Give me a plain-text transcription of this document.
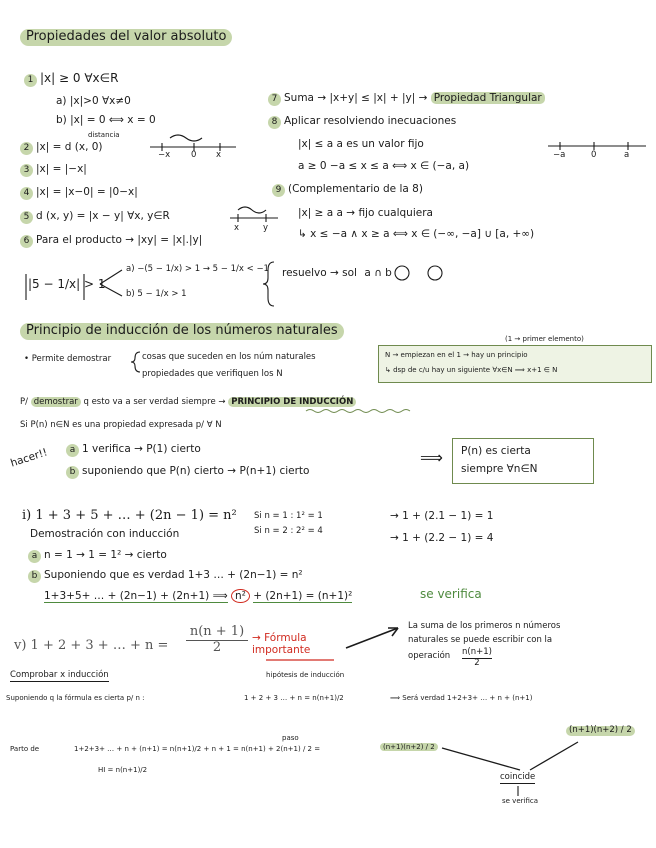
Propiedades del valor absoluto
1 |x| ≥ 0 ∀x∈R
a) |x|>0 ∀x≠0
b) |x| = 0 ⟺ x = 0
distancia
2 |x| = d (x, 0)
3 |x| = |−x|
4 |x| = |x−0| = |0−x|
5 d (x, y) = |x − y| ∀x, y∈R
6 Para el producto → |xy| = |x|.|y|
−x 0 x
x	y
7 Suma → |x+y| ≤ |x| + |y| → Propiedad Triangular
8 Aplicar resolviendo inecuaciones
|x| ≤ a a es un valor fijo
a ≥ 0 −a ≤ x ≤ a ⟺ x ∈ (−a, a)
−a	0	a
9 (Complementario de la 8)
|x| ≥ a a → fijo cualquiera
↳ x ≤ −a ∧ x ≥ a ⟺ x ∈ (−∞, −a] ∪ [a, +∞)
|5 − 1/x| > 1
a) −(5 − 1/x) > 1 → 5 − 1/x < −1
b) 5 − 1/x > 1
resuelvo → sol a ∩ b
Principio de inducción de los números naturales
• Permite demostrar	cosas que suceden en los núm naturales
propiedades que verifiquen los N
(1 → primer elemento)
N → empiezan en el 1 → hay un principio
↳ dsp de c/u hay un siguiente ∀x∈N ⟹ x+1 ∈ N
P/ demostrar q esto va a ser verdad siempre → PRINCIPIO DE INDUCCIÓN
Si P(n) n∈N es una propiedad expresada p/ ∀ N
hacer!!	a 1 verifica → P(1) cierto
b suponiendo que P(n) cierto → P(n+1) cierto
⟹ P(n) es cierta
siempre ∀n∈N
i) 1 + 3 + 5 + … + (2n − 1) = n² Si n = 1 : 1² = 1
Si n = 2 : 2² = 4
→ 1 + (2.1 − 1) = 1
→ 1 + (2.2 − 1) = 4
Demostración con inducción
a n = 1 → 1 = 1² → cierto
b Suponiendo que es verdad 1+3 … + (2n−1) = n²
1+3+5+ … + (2n−1) + (2n+1) ⟹ n² + (2n+1) = (n+1)²	se verifica
v) 1 + 2 + 3 + … + $n = \frac{n(n + 1)}{2}$ → Fórmula importante
La suma de los primeros n números
naturales se puede escribir con la
operación $\frac{n(n+1)}{2}$
Comprobar x inducción	hipótesis de inducción
Suponiendo q la fórmula es cierta p/ n :	1 + 2 + 3 … + n = n(n+1)/2	⟹ Será verdad 1+2+3+ … + n + (n+1)
Parto de	1+2+3+ … + n + (n+1) = n(n+1)/2 + n + 1 = n(n+1) + 2(n+1) / 2 =	(n+1)(n+2) / 2
HI = n(n+1)/2
paso
(n+1)(n+2) / 2
coincide
se verifica
